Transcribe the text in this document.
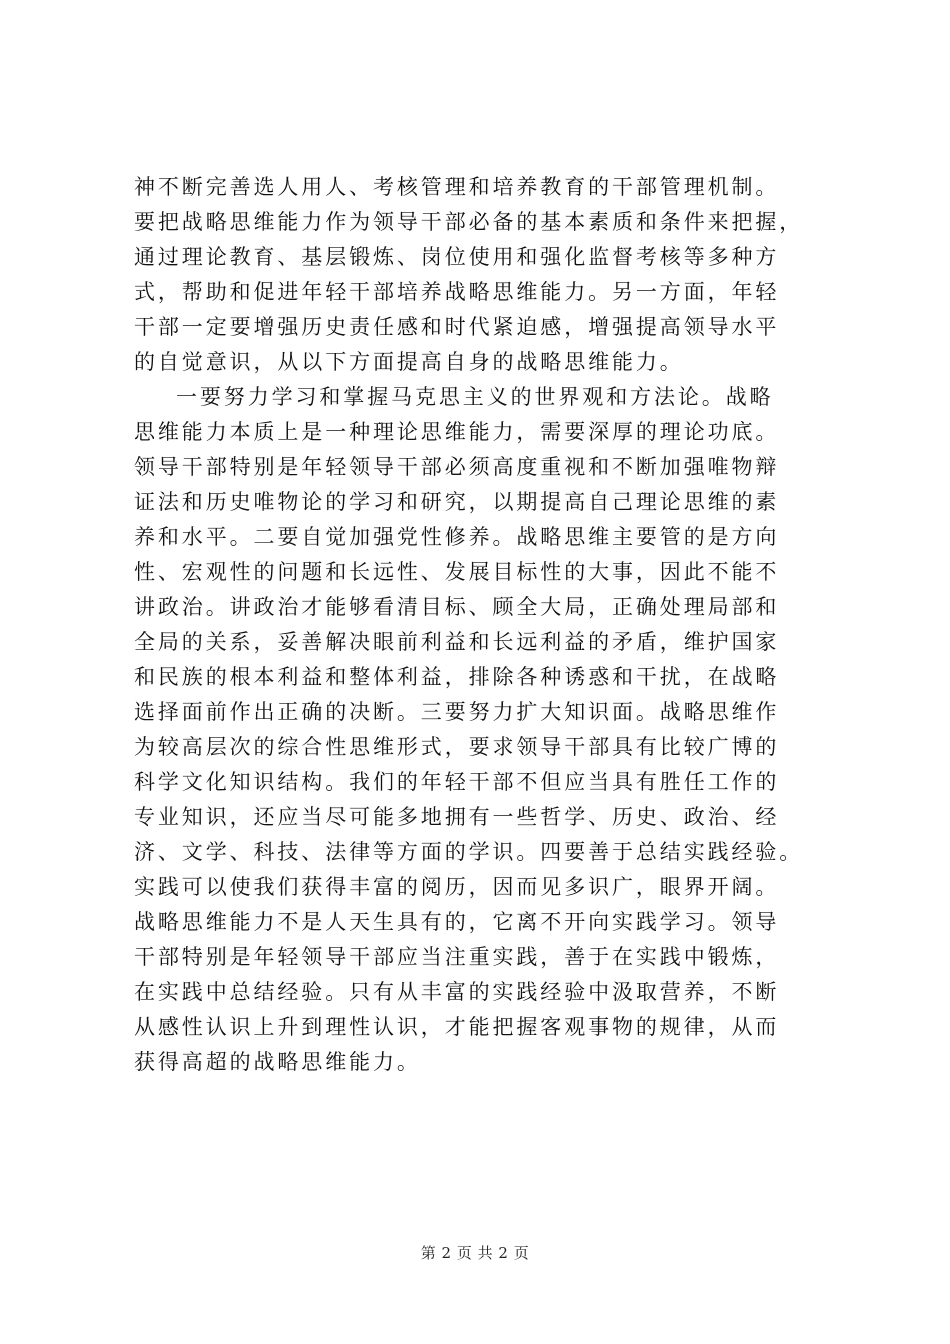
神不断完善选人用人、考核管理和培养教育的干部管理机制。
要把战略思维能力作为领导干部必备的基本素质和条件来把握，
通过理论教育、基层锻炼、岗位使用和强化监督考核等多种方
式，帮助和促进年轻干部培养战略思维能力。另一方面，年轻
干部一定要增强历史责任感和时代紧迫感，增强提高领导水平
的自觉意识，从以下方面提高自身的战略思维能力。
一要努力学习和掌握马克思主义的世界观和方法论。战略
思维能力本质上是一种理论思维能力，需要深厚的理论功底。
领导干部特别是年轻领导干部必须高度重视和不断加强唯物辩
证法和历史唯物论的学习和研究，以期提高自己理论思维的素
养和水平。二要自觉加强党性修养。战略思维主要管的是方向
性、宏观性的问题和长远性、发展目标性的大事，因此不能不
讲政治。讲政治才能够看清目标、顾全大局，正确处理局部和
全局的关系，妥善解决眼前利益和长远利益的矛盾，维护国家
和民族的根本利益和整体利益，排除各种诱惑和干扰，在战略
选择面前作出正确的决断。三要努力扩大知识面。战略思维作
为较高层次的综合性思维形式，要求领导干部具有比较广博的
科学文化知识结构。我们的年轻干部不但应当具有胜任工作的
专业知识，还应当尽可能多地拥有一些哲学、历史、政治、经
济、文学、科技、法律等方面的学识。四要善于总结实践经验。
实践可以使我们获得丰富的阅历，因而见多识广，眼界开阔。
战略思维能力不是人天生具有的，它离不开向实践学习。领导
干部特别是年轻领导干部应当注重实践，善于在实践中锻炼，
在实践中总结经验。只有从丰富的实践经验中汲取营养，不断
从感性认识上升到理性认识，才能把握客观事物的规律，从而
获得高超的战略思维能力。
第 2 页 共 2 页
